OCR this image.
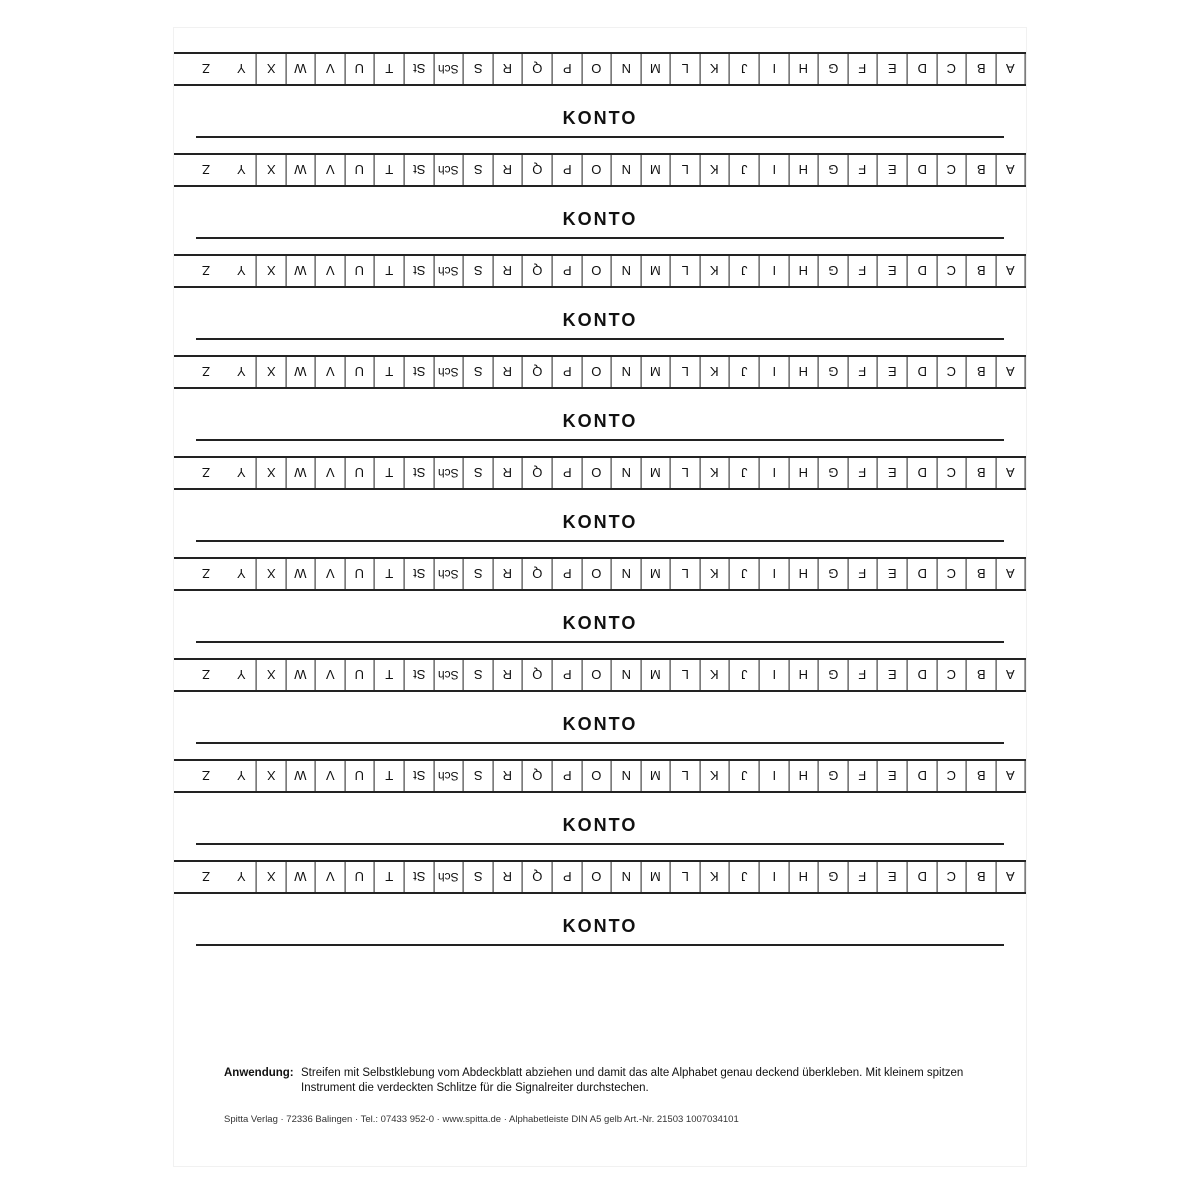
A
B
C
D
E
F
G
H
I
J
K
L
M
N
O
P
Q
R
S
Sch
St
T
U
V
W
X
Y
Z
KONTO
A
B
C
D
E
F
G
H
I
J
K
L
M
N
O
P
Q
R
S
Sch
St
T
U
V
W
X
Y
Z
KONTO
A
B
C
D
E
F
G
H
I
J
K
L
M
N
O
P
Q
R
S
Sch
St
T
U
V
W
X
Y
Z
KONTO
A
B
C
D
E
F
G
H
I
J
K
L
M
N
O
P
Q
R
S
Sch
St
T
U
V
W
X
Y
Z
KONTO
A
B
C
D
E
F
G
H
I
J
K
L
M
N
O
P
Q
R
S
Sch
St
T
U
V
W
X
Y
Z
KONTO
A
B
C
D
E
F
G
H
I
J
K
L
M
N
O
P
Q
R
S
Sch
St
T
U
V
W
X
Y
Z
KONTO
A
B
C
D
E
F
G
H
I
J
K
L
M
N
O
P
Q
R
S
Sch
St
T
U
V
W
X
Y
Z
KONTO
A
B
C
D
E
F
G
H
I
J
K
L
M
N
O
P
Q
R
S
Sch
St
T
U
V
W
X
Y
Z
KONTO
A
B
C
D
E
F
G
H
I
J
K
L
M
N
O
P
Q
R
S
Sch
St
T
U
V
W
X
Y
Z
KONTO
Anwendung: Streifen mit Selbstklebung vom Abdeckblatt abziehen und damit das alte Alphabet genau deckend überkleben. Mit kleinem spitzen Instrument die verdeckten Schlitze für die Signalreiter durchstechen.
Spitta Verlag · 72336 Balingen · Tel.: 07433 952-0 · www.spitta.de · Alphabetleiste DIN A5 gelb Art.-Nr. 21503 1007034101
